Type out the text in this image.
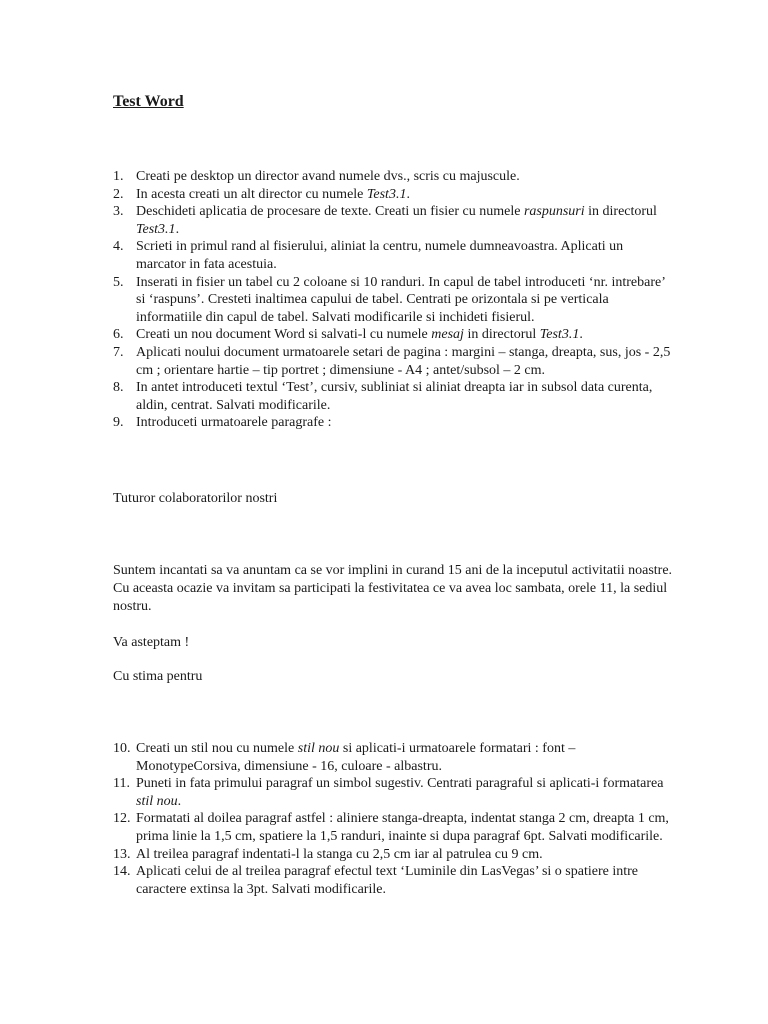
Test Word
1. Creati pe desktop un director avand numele dvs., scris cu majuscule.
2. In acesta creati un alt director cu numele Test3.1.
3. Deschideti aplicatia de procesare de texte. Creati un fisier cu numele raspunsuri in directorul Test3.1.
4. Scrieti in primul rand al fisierului, aliniat la centru, numele dumneavoastra. Aplicati un marcator in fata acestuia.
5. Inserati in fisier un tabel cu 2 coloane si 10 randuri. In capul de tabel introduceti ‘nr. intrebare’ si ‘raspuns’. Cresteti inaltimea capului de tabel. Centrati pe orizontala si pe verticala informatiile din capul de tabel. Salvati modificarile si inchideti fisierul.
6. Creati un nou document Word si salvati-l cu numele mesaj in directorul Test3.1.
7. Aplicati noului document urmatoarele setari de pagina : margini – stanga, dreapta, sus, jos - 2,5 cm ; orientare hartie – tip portret ; dimensiune - A4 ; antet/subsol – 2 cm.
8. In antet introduceti textul ‘Test’, cursiv, subliniat si aliniat dreapta iar in subsol data curenta, aldin, centrat. Salvati modificarile.
9. Introduceti urmatoarele paragrafe :

Tuturor colaboratorilor nostri

Suntem incantati sa va anuntam ca se vor implini in curand 15 ani de la inceputul activitatii noastre. Cu aceasta ocazie va invitam sa participati la festivitatea ce va avea loc sambata, orele 11, la sediul nostru.

Va asteptam !

Cu stima pentru

10. Creati un stil nou cu numele stil nou si aplicati-i urmatoarele formatari : font – MonotypeCorsiva, dimensiune - 16, culoare - albastru.
11. Puneti in fata primului paragraf un simbol sugestiv. Centrati paragraful si aplicati-i formatarea stil nou.
12. Formatati al doilea paragraf astfel : aliniere stanga-dreapta, indentat stanga 2 cm, dreapta 1 cm, prima linie la 1,5 cm, spatiere la 1,5 randuri, inainte si dupa paragraf 6pt. Salvati modificarile.
13. Al treilea paragraf indentati-l la stanga cu 2,5 cm iar al patrulea cu 9 cm.
14. Aplicati celui de al treilea paragraf efectul text ‘Luminile din LasVegas’ si o spatiere intre caractere extinsa la 3pt. Salvati modificarile.
